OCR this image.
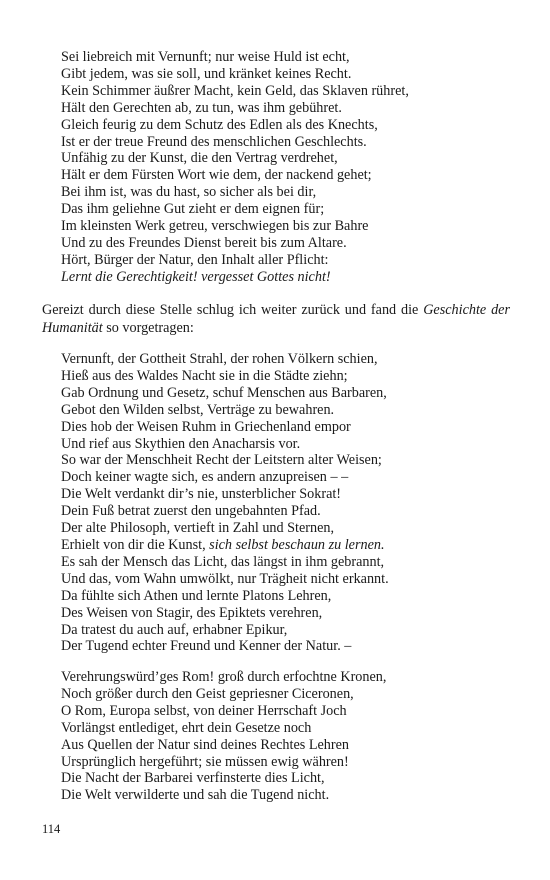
Sei liebreich mit Vernunft; nur weise Huld ist echt,
Gibt jedem, was sie soll, und kränket keines Recht.
Kein Schimmer äußrer Macht, kein Geld, das Sklaven rühret,
Hält den Gerechten ab, zu tun, was ihm gebühret.
Gleich feurig zu dem Schutz des Edlen als des Knechts,
Ist er der treue Freund des menschlichen Geschlechts.
Unfähig zu der Kunst, die den Vertrag verdrehet,
Hält er dem Fürsten Wort wie dem, der nackend gehet;
Bei ihm ist, was du hast, so sicher als bei dir,
Das ihm geliehne Gut zieht er dem eignen für;
Im kleinsten Werk getreu, verschwiegen bis zur Bahre
Und zu des Freundes Dienst bereit bis zum Altare.
Hört, Bürger der Natur, den Inhalt aller Pflicht:
Lernt die Gerechtigkeit! vergesset Gottes nicht!

Gereizt durch diese Stelle schlug ich weiter zurück und fand die Geschichte der Humanität so vorgetragen:

Vernunft, der Gottheit Strahl, der rohen Völkern schien,
Hieß aus des Waldes Nacht sie in die Städte ziehn;
Gab Ordnung und Gesetz, schuf Menschen aus Barbaren,
Gebot den Wilden selbst, Verträge zu bewahren.
Dies hob der Weisen Ruhm in Griechenland empor
Und rief aus Skythien den Anacharsis vor.
So war der Menschheit Recht der Leitstern alter Weisen;
Doch keiner wagte sich, es andern anzupreisen – –
Die Welt verdankt dir’s nie, unsterblicher Sokrat!
Dein Fuß betrat zuerst den ungebahnten Pfad.
Der alte Philosoph, vertieft in Zahl und Sternen,
Erhielt von dir die Kunst, sich selbst beschaun zu lernen.
Es sah der Mensch das Licht, das längst in ihm gebrannt,
Und das, vom Wahn umwölkt, nur Trägheit nicht erkannt.
Da fühlte sich Athen und lernte Platons Lehren,
Des Weisen von Stagir, des Epiktets verehren,
Da tratest du auch auf, erhabner Epikur,
Der Tugend echter Freund und Kenner der Natur. –
Verehrungswürd’ges Rom! groß durch erfochtne Kronen,
Noch größer durch den Geist gepriesner Ciceronen,
O Rom, Europa selbst, von deiner Herrschaft Joch
Vorlängst entlediget, ehrt dein Gesetze noch
Aus Quellen der Natur sind deines Rechtes Lehren
Ursprünglich hergeführt; sie müssen ewig währen!
Die Nacht der Barbarei verfinsterte dies Licht,
Die Welt verwilderte und sah die Tugend nicht.
114
